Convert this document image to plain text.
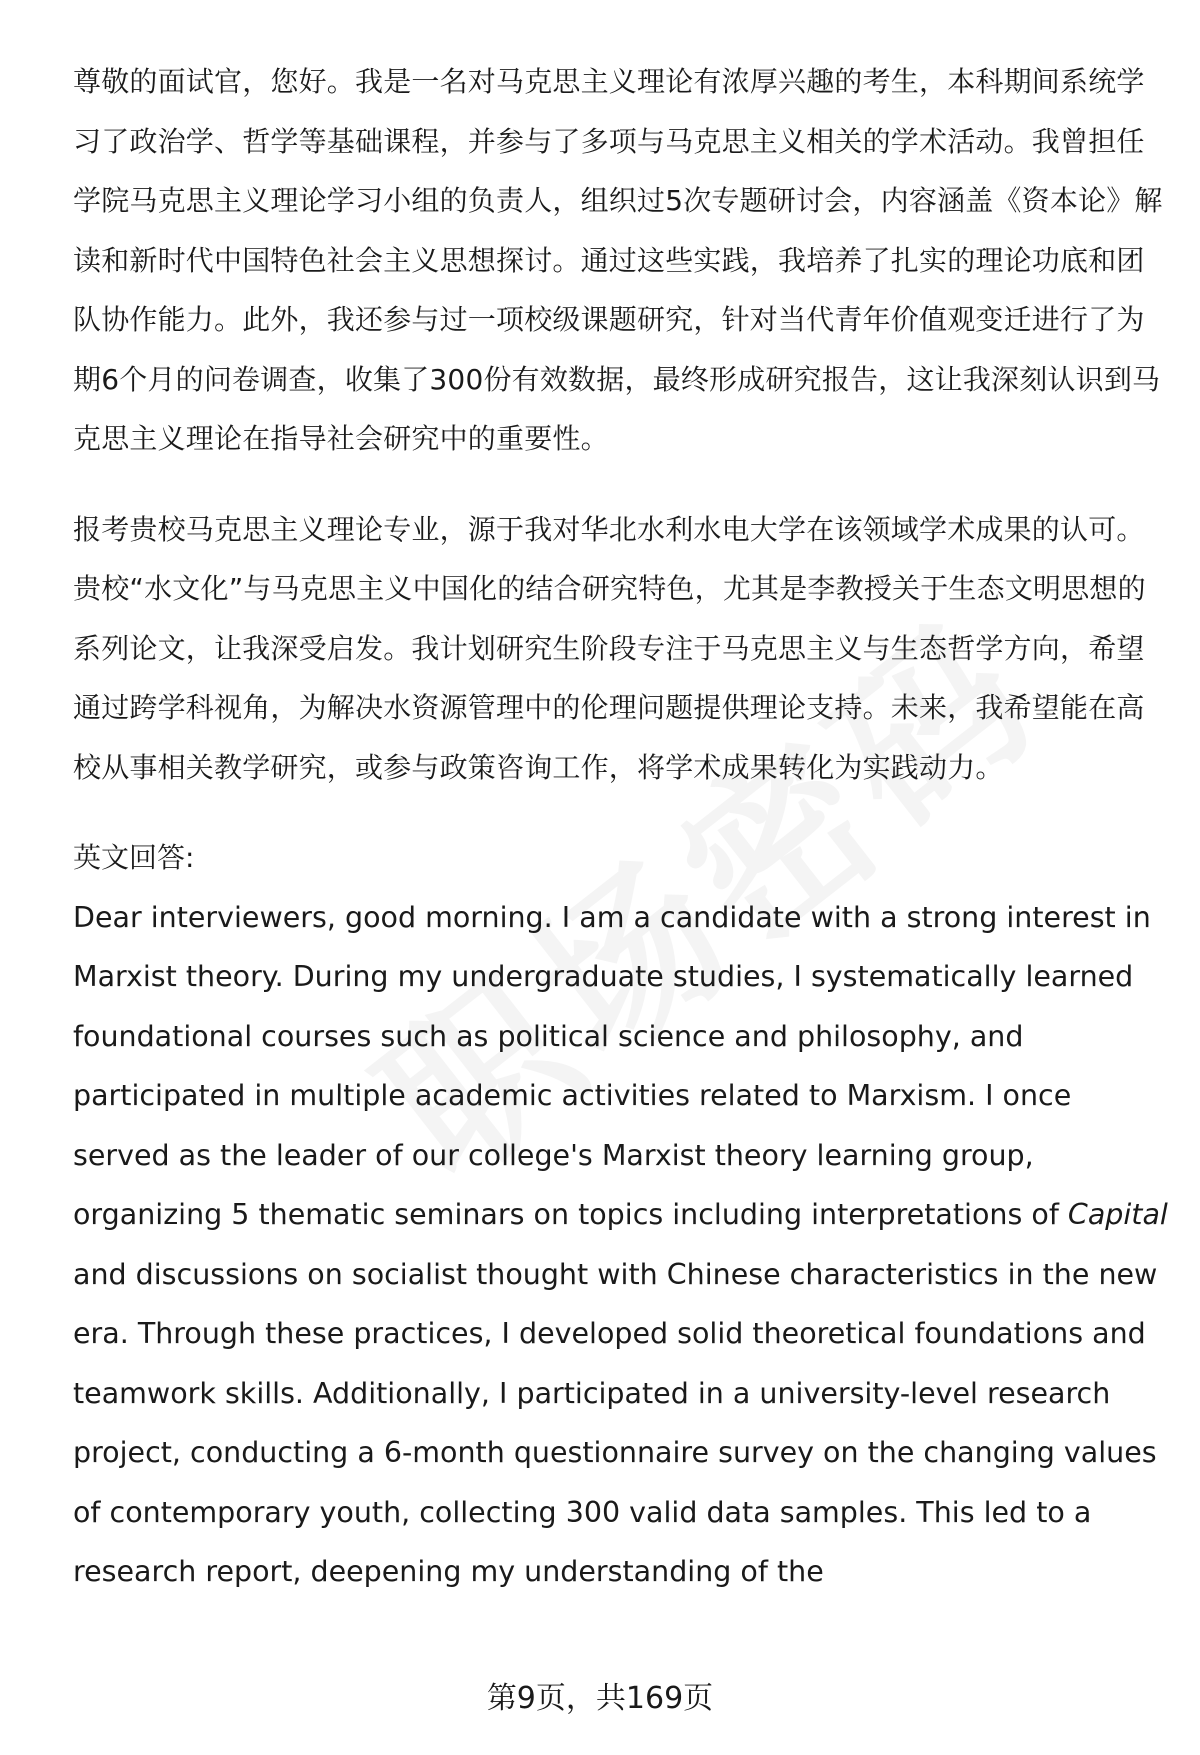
尊敬的面试官，您好。我是一名对马克思主义理论有浓厚兴趣的考生，本科期间系统学习了政治学、哲学等基础课程，并参与了多项与马克思主义相关的学术活动。我曾担任学院马克思主义理论学习小组的负责人，组织过5次专题研讨会，内容涵盖《资本论》解读和新时代中国特色社会主义思想探讨。通过这些实践，我培养了扎实的理论功底和团队协作能力。此外，我还参与过一项校级课题研究，针对当代青年价值观变迁进行了为期6个月的问卷调查，收集了300份有效数据，最终形成研究报告，这让我深刻认识到马克思主义理论在指导社会研究中的重要性。

报考贵校马克思主义理论专业，源于我对华北水利水电大学在该领域学术成果的认可。贵校“水文化”与马克思主义中国化的结合研究特色，尤其是李教授关于生态文明思想的系列论文，让我深受启发。我计划研究生阶段专注于马克思主义与生态哲学方向，希望通过跨学科视角，为解决水资源管理中的伦理问题提供理论支持。未来，我希望能在高校从事相关教学研究，或参与政策咨询工作，将学术成果转化为实践动力。

英文回答:

Dear interviewers, good morning. I am a candidate with a strong interest in Marxist theory. During my undergraduate studies, I systematically learned foundational courses such as political science and philosophy, and participated in multiple academic activities related to Marxism. I once served as the leader of our college's Marxist theory learning group, organizing 5 thematic seminars on topics including interpretations of Capital and discussions on socialist thought with Chinese characteristics in the new era. Through these practices, I developed solid theoretical foundations and teamwork skills. Additionally, I participated in a university-level research project, conducting a 6-month questionnaire survey on the changing values of contemporary youth, collecting 300 valid data samples. This led to a research report, deepening my understanding of the

第9页，共169页
